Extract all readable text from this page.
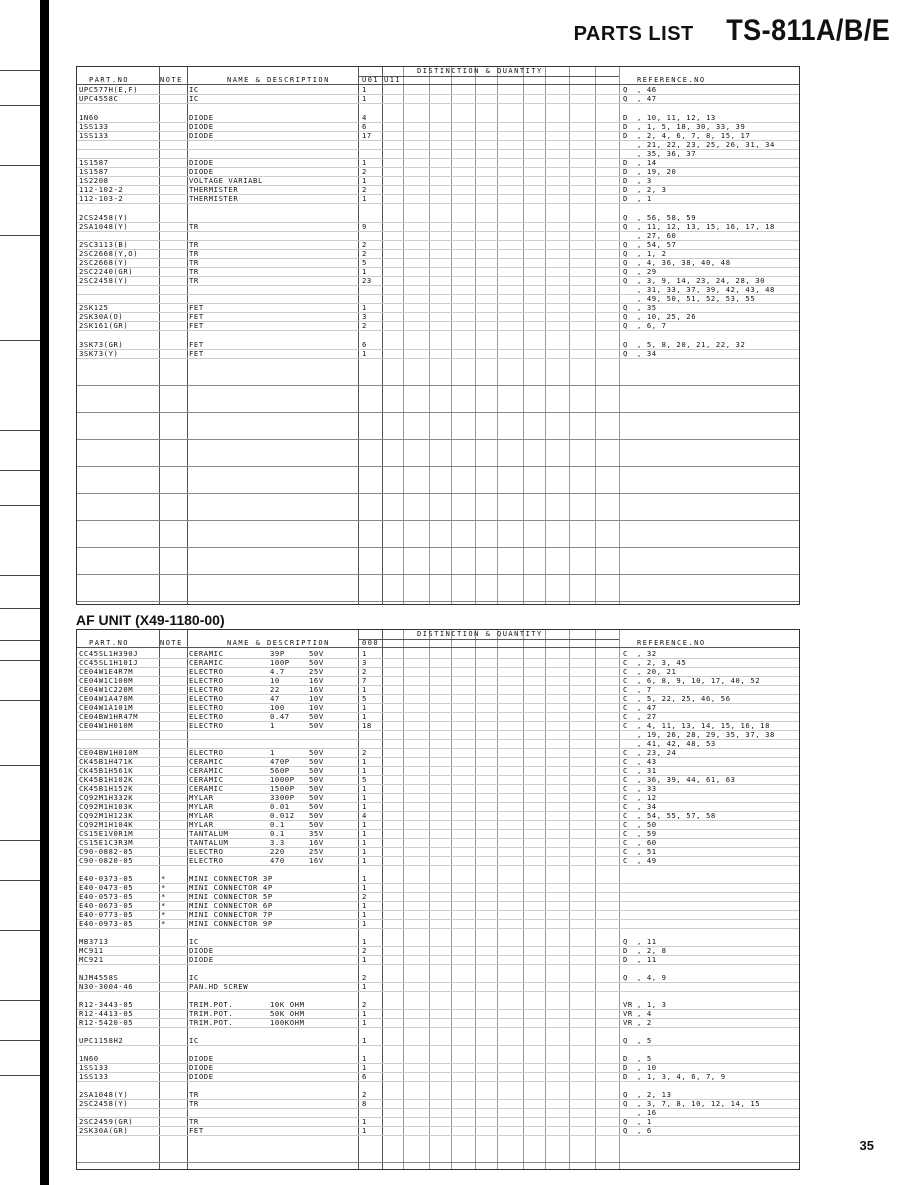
PARTS LIST TS-811A/B/E
DISTINCTION & QUANTITY
PART.NO	NOTE	NAME & DESCRIPTION	U01 U11	REFERENCE.NO
UPC577H(E,F)	IC	1	Q , 46
UPC4558C	IC	1	Q , 47
1N60	DIODE	4	D , 10, 11, 12, 13
1SS133	DIODE	6	D , 1, 5, 18, 30, 33, 39
1SS133	DIODE	17	D , 2, 4, 6, 7, 8, 15, 17
, 21, 22, 23, 25, 26, 31, 34
, 35, 36, 37
1S1587	DIODE	1	D , 14
1S1587	DIODE	2	D , 19, 20
1S2208	VOLTAGE VARIABL	1	D , 3
112-102-2	THERMISTER	2	D , 2, 3
112-103-2	THERMISTER	1	D , 1
2CS2458(Y)	Q , 56, 58, 59
2SA1048(Y)	TR	9	Q , 11, 12, 13, 15, 16, 17, 18
, 27, 60
2SC3113(B)	TR	2	Q , 54, 57
2SC2668(Y,O)	TR	2	Q , 1, 2
2SC2668(Y)	TR	5	Q , 4, 36, 38, 40, 48
2SC2240(GR)	TR	1	Q , 29
2SC2458(Y)	TR	23	Q , 3, 9, 14, 23, 24, 28, 30
, 31, 33, 37, 39, 42, 43, 48
, 49, 50, 51, 52, 53, 55
2SK125	FET	1	Q , 35
2SK30A(O)	FET	3	Q , 10, 25, 26
2SK161(GR)	FET	2	Q , 6, 7
3SK73(GR)	FET	6	Q , 5, 8, 20, 21, 22, 32
3SK73(Y)	FET	1	Q , 34
AF UNIT (X49-1180-00)
DISTINCTION & QUANTITY
PART.NO	NOTE	NAME & DESCRIPTION	000	REFERENCE.NO
CC45SL1H390J	CERAMIC	39P	50V	1	C , 32
CC45SL1H101J	CERAMIC	100P	50V	3	C , 2, 3, 45
CE04W1E4R7M	ELECTRO	4.7	25V	2	C , 20, 21
CE04W1C100M	ELECTRO	10	16V	7	C , 6, 8, 9, 10, 17, 40, 52
CE04W1C220M	ELECTRO	22	16V	1	C , 7
CE04W1A470M	ELECTRO	47	10V	5	C , 5, 22, 25, 46, 56
CE04W1A101M	ELECTRO	100	10V	1	C , 47
CE04BW1HR47M	ELECTRO	0.47	50V	1	C , 27
CE04W1H010M	ELECTRO	1	50V	18	C , 4, 11, 13, 14, 15, 16, 18
, 19, 26, 28, 29, 35, 37, 38
, 41, 42, 48, 53
CE04BW1H010M	ELECTRO	1	50V	2	C , 23, 24
CK45B1H471K	CERAMIC	470P	50V	1	C , 43
CK45B1H561K	CERAMIC	560P	50V	1	C , 31
CK45B1H102K	CERAMIC	1000P 50V	5	C , 36, 39, 44, 61, 63
CK45B1H152K	CERAMIC	1500P 50V	1	C , 33
CQ92M1H332K	MYLAR	3300P 50V	1	C , 12
CQ92M1H103K	MYLAR	0.01	50V	1	C , 34
CQ92M1H123K	MYLAR	0.012 50V	4	C , 54, 55, 57, 58
CQ92M1H104K	MYLAR	0.1	50V	1	C , 50
CS15E1V0R1M	TANTALUM	0.1	35V	1	C , 59
CS15E1C3R3M	TANTALUM	3.3	16V	1	C , 60
C90-0882-05	ELECTRO	220	25V	1	C , 51
C90-0820-05	ELECTRO	470	16V	1	C , 49
E40-0373-05	*	MINI CONNECTOR 3P	1
E40-0473-05	*	MINI CONNECTOR 4P	1
E40-0573-05	*	MINI CONNECTOR 5P	2
E40-0673-05	*	MINI CONNECTOR 6P	1
E40-0773-05	*	MINI CONNECTOR 7P	1
E40-0973-05	*	MINI CONNECTOR 9P	1
MB3713	IC	1	Q , 11
MC911	DIODE	2	D , 2, 8
MC921	DIODE	1	D , 11
NJM4558S	IC	2	Q , 4, 9
N30-3004-46	PAN.HD SCREW	1
R12-3443-05	TRIM.POT.	10K OHM	2	VR , 1, 3
R12-4413-05	TRIM.POT.	50K OHM	1	VR , 4
R12-5420-05	TRIM.POT.	100KOHM	1	VR , 2
UPC1158H2	IC	1	Q , 5
1N60	DIODE	1	D , 5
1SS133	DIODE	1	D , 10
1SS133	DIODE	6	D , 1, 3, 4, 6, 7, 9
2SA1048(Y)	TR	2	Q , 2, 13
2SC2458(Y)	TR	8	Q , 3, 7, 8, 10, 12, 14, 15
, 16
2SC2459(GR)	TR	1	Q , 1
2SK30A(GR)	FET	1	Q , 6
35
